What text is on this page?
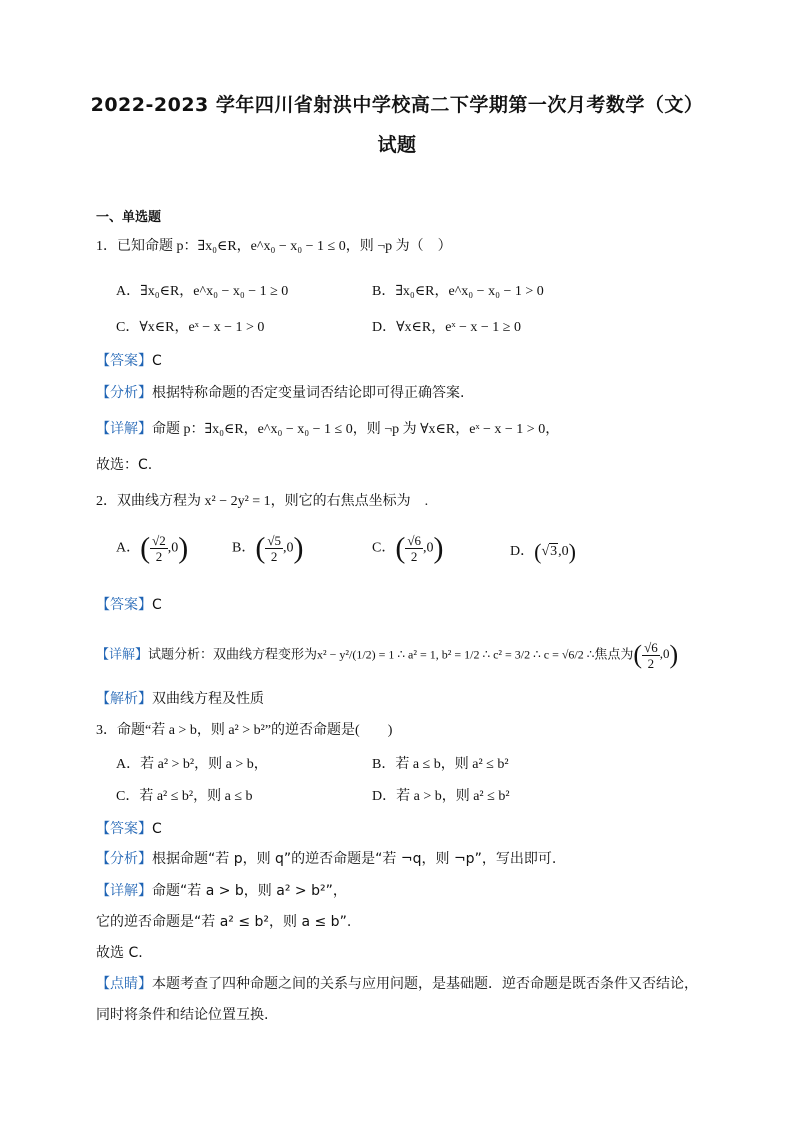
2022-2023 学年四川省射洪中学校高二下学期第一次月考数学（文）
试题
一、单选题
1．已知命题 p：∃x₀∈R，e^x₀ − x₀ − 1 ≤ 0，则 ¬p 为（　）
A．∃x₀∈R，e^x₀ − x₀ − 1 ≥ 0	B．∃x₀∈R，e^x₀ − x₀ − 1 > 0
C．∀x∈R，eˣ − x − 1 > 0	D．∀x∈R，eˣ − x − 1 ≥ 0
【答案】C
【分析】根据特称命题的否定变量词否结论即可得正确答案.
【详解】命题 p：∃x₀∈R，e^x₀ − x₀ − 1 ≤ 0，则 ¬p 为 ∀x∈R，eˣ − x − 1 > 0，
故选：C.
2．双曲线方程为 x² − 2y² = 1，则它的右焦点坐标为　.
A．( $\frac{√2}{2} ,0$)	B．( $\frac{√5}{2} ,0$)	C．( $\frac{√6}{2} ,0$)	D．(√3,0)
【答案】C
【详解】试题分析：双曲线方程变形为x² − y²/(1/2) = 1 ∴ a² = 1, b² = 1/2 ∴ c² = 3/2 ∴ c = √6/2 ∴焦点为( $\frac{√6}{2} ,0$)
【解析】双曲线方程及性质
3．命题“若 a > b，则 a² > b²”的逆否命题是(　　)
A．若 a² > b²，则 a > b，	B．若 a ≤ b，则 a² ≤ b²
C．若 a² ≤ b²，则 a ≤ b	D．若 a > b，则 a² ≤ b²
【答案】C
【分析】根据命题“若 p，则 q”的逆否命题是“若 ¬q，则 ¬p”，写出即可.
【详解】命题“若 a > b，则 a² > b²”，
它的逆否命题是“若 a² ≤ b²，则 a ≤ b”.
故选 C.
【点睛】本题考查了四种命题之间的关系与应用问题，是基础题．逆否命题是既否条件又否结论，
同时将条件和结论位置互换.
